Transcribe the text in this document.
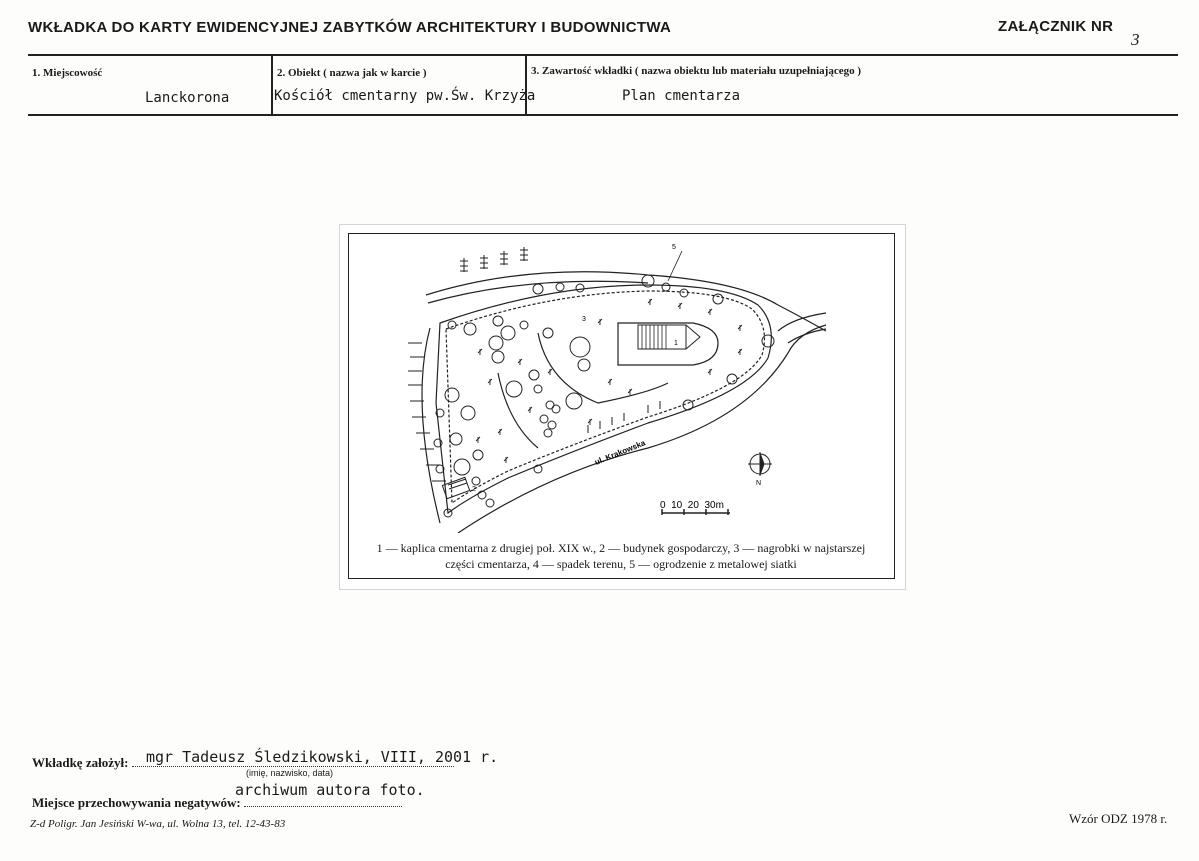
WKŁADKA DO KARTY EWIDENCYJNEJ ZABYTKÓW ARCHITEKTURY I BUDOWNICTWA	ZAŁĄCZNIK NR
3
1. Miejscowość
Lanckorona
2. Obiekt ( nazwa jak w karcie )
Kościół cmentarny pw.Św. Krzyża
3. Zawartość wkładki ( nazwa obiektu lub materiału uzupełniającego )
Plan cmentarza
1
2
3
5
ul. Krakowska
N
0  10  20  30m
1 — kaplica cmentarna z drugiej poł. XIX w., 2 — budynek gospodarczy, 3 — nagrobki w najstarszej
części cmentarza, 4 — spadek terenu, 5 — ogrodzenie z metalowej siatki
Wkładkę założył: mgr Tadeusz Śledzikowski, VIII, 2001 r.
(imię, nazwisko, data)
archiwum autora foto.
Miejsce przechowywania negatywów:
Z-d Poligr. Jan Jesiński W-wa, ul. Wolna 13, tel. 12-43-83	Wzór ODZ 1978 r.
